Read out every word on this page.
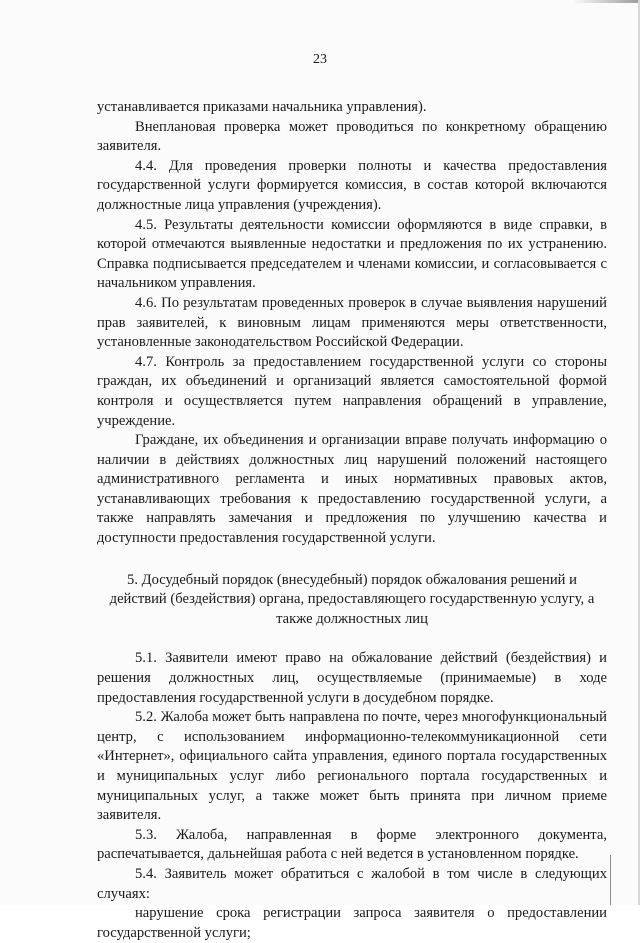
23

устанавливается приказами начальника управления).

Внеплановая проверка может проводиться по конкретному обращению заявителя.

4.4. Для проведения проверки полноты и качества предоставления государственной услуги формируется комиссия, в состав которой включаются должностные лица управления (учреждения).

4.5. Результаты деятельности комиссии оформляются в виде справки, в которой отмечаются выявленные недостатки и предложения по их устранению. Справка подписывается председателем и членами комиссии, и согласовывается с начальником управления.

4.6. По результатам проведенных проверок в случае выявления нарушений прав заявителей, к виновным лицам применяются меры ответственности, установленные законодательством Российской Федерации.

4.7. Контроль за предоставлением государственной услуги со стороны граждан, их объединений и организаций является самостоятельной формой контроля и осуществляется путем направления обращений в управление, учреждение.

Граждане, их объединения и организации вправе получать информацию о наличии в действиях должностных лиц нарушений положений настоящего административного регламента и иных нормативных правовых актов, устанавливающих требования к предоставлению государственной услуги, а также направлять замечания и предложения по улучшению качества и доступности предоставления государственной услуги.

5. Досудебный порядок (внесудебный) порядок обжалования решений и действий (бездействия) органа, предоставляющего государственную услугу, а также должностных лиц

5.1. Заявители имеют право на обжалование действий (бездействия) и решения должностных лиц, осуществляемые (принимаемые) в ходе предоставления государственной услуги в досудебном порядке.

5.2. Жалоба может быть направлена по почте, через многофункциональный центр, с использованием информационно-телекоммуникационной сети «Интернет», официального сайта управления, единого портала государственных и муниципальных услуг либо регионального портала государственных и муниципальных услуг, а также может быть принята при личном приеме заявителя.

5.3. Жалоба, направленная в форме электронного документа, распечатывается, дальнейшая работа с ней ведется в установленном порядке.

5.4. Заявитель может обратиться с жалобой в том числе в следующих случаях:

нарушение срока регистрации запроса заявителя о предоставлении государственной услуги;
